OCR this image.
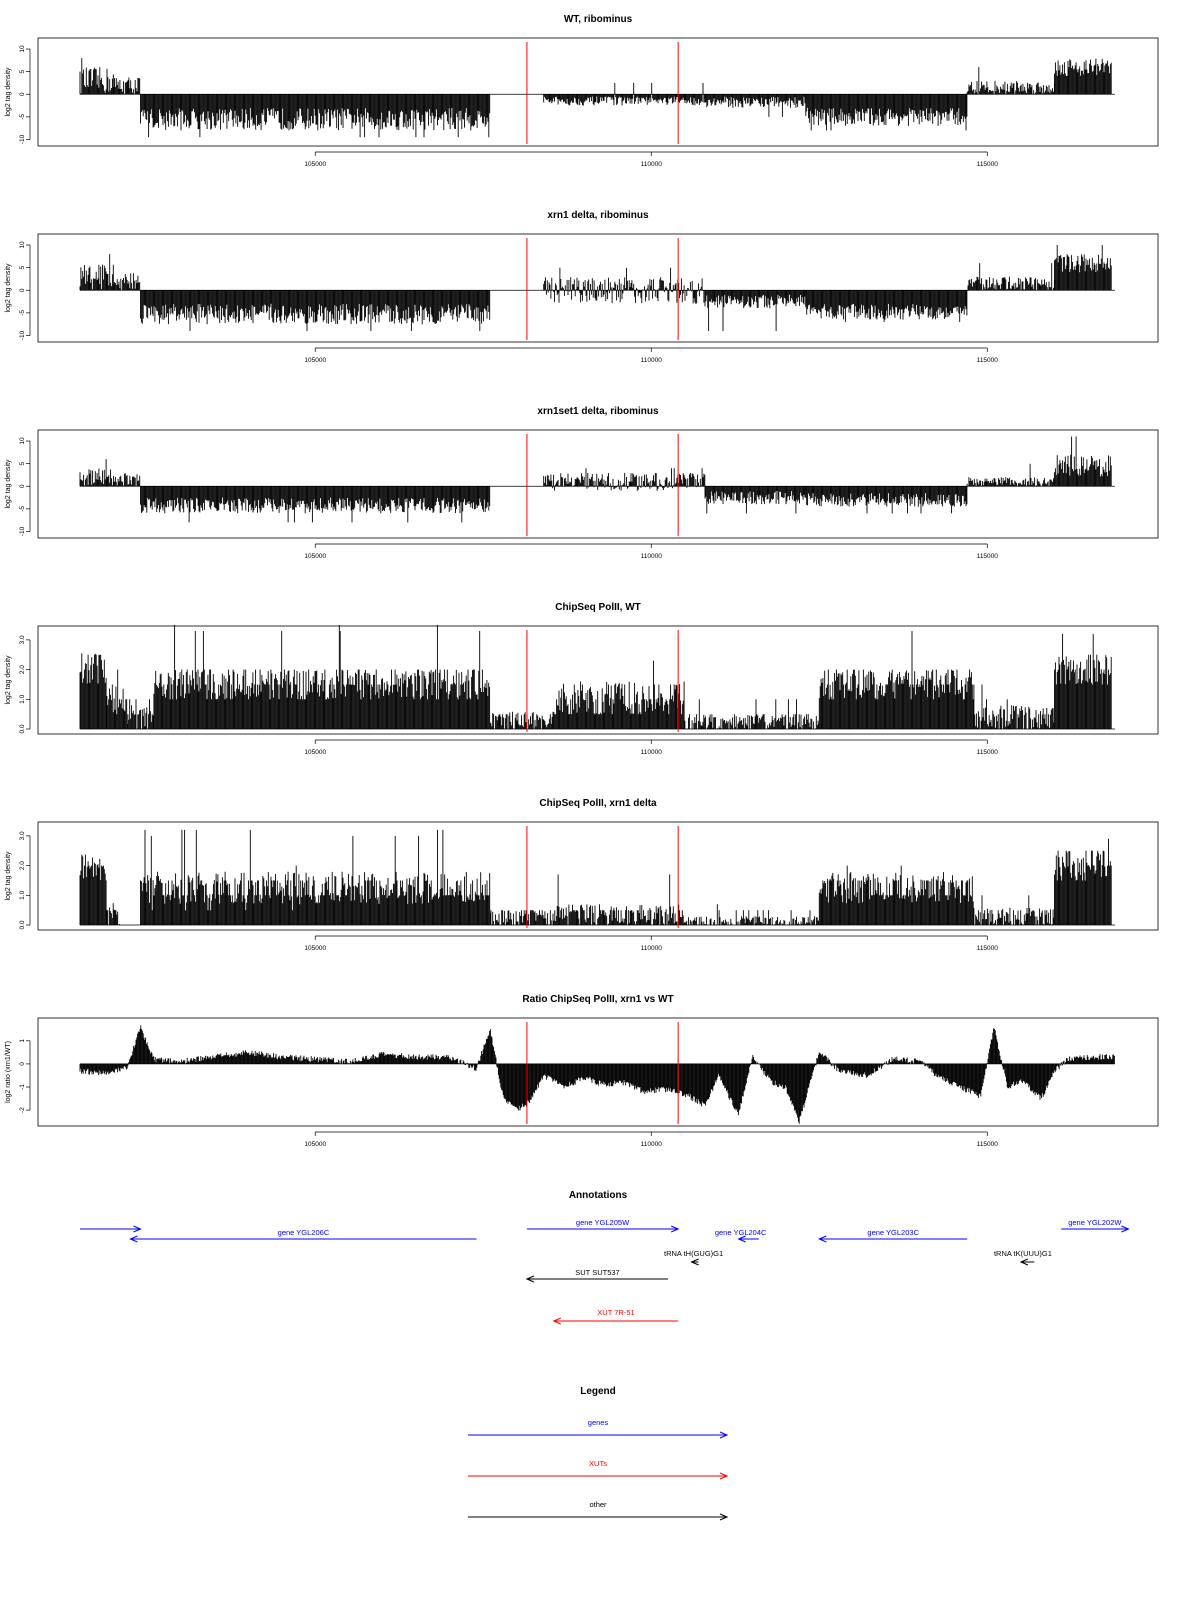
WT, ribominus
-10
-5
0
5
10
log2 tag density
105000	110000	115000
xrn1 delta, ribominus
-10
-5
0
5
10
log2 tag density
105000	110000	115000
xrn1set1 delta, ribominus
-10
-5
0
5
10
log2 tag density
105000	110000	115000
ChipSeq PolII, WT
0.0
1.0
2.0
3.0
log2 tag density
105000	110000	115000
ChipSeq PolII, xrn1 delta
0.0
1.0
2.0
3.0
log2 tag density
105000	110000	115000
Ratio ChipSeq PolII, xrn1 vs WT
-2
-1
0
1
log2 ratio (xrn1/WT)
105000	110000	115000
Annotations
gene YGL206C
gene YGL205W
tRNA tH(GUG)G1
gene YGL204C	gene YGL203C
tRNA tK(UUU)G1
gene YGL202W
SUT SUT537
XUT 7R-51
Legend
genes
XUTs
other
